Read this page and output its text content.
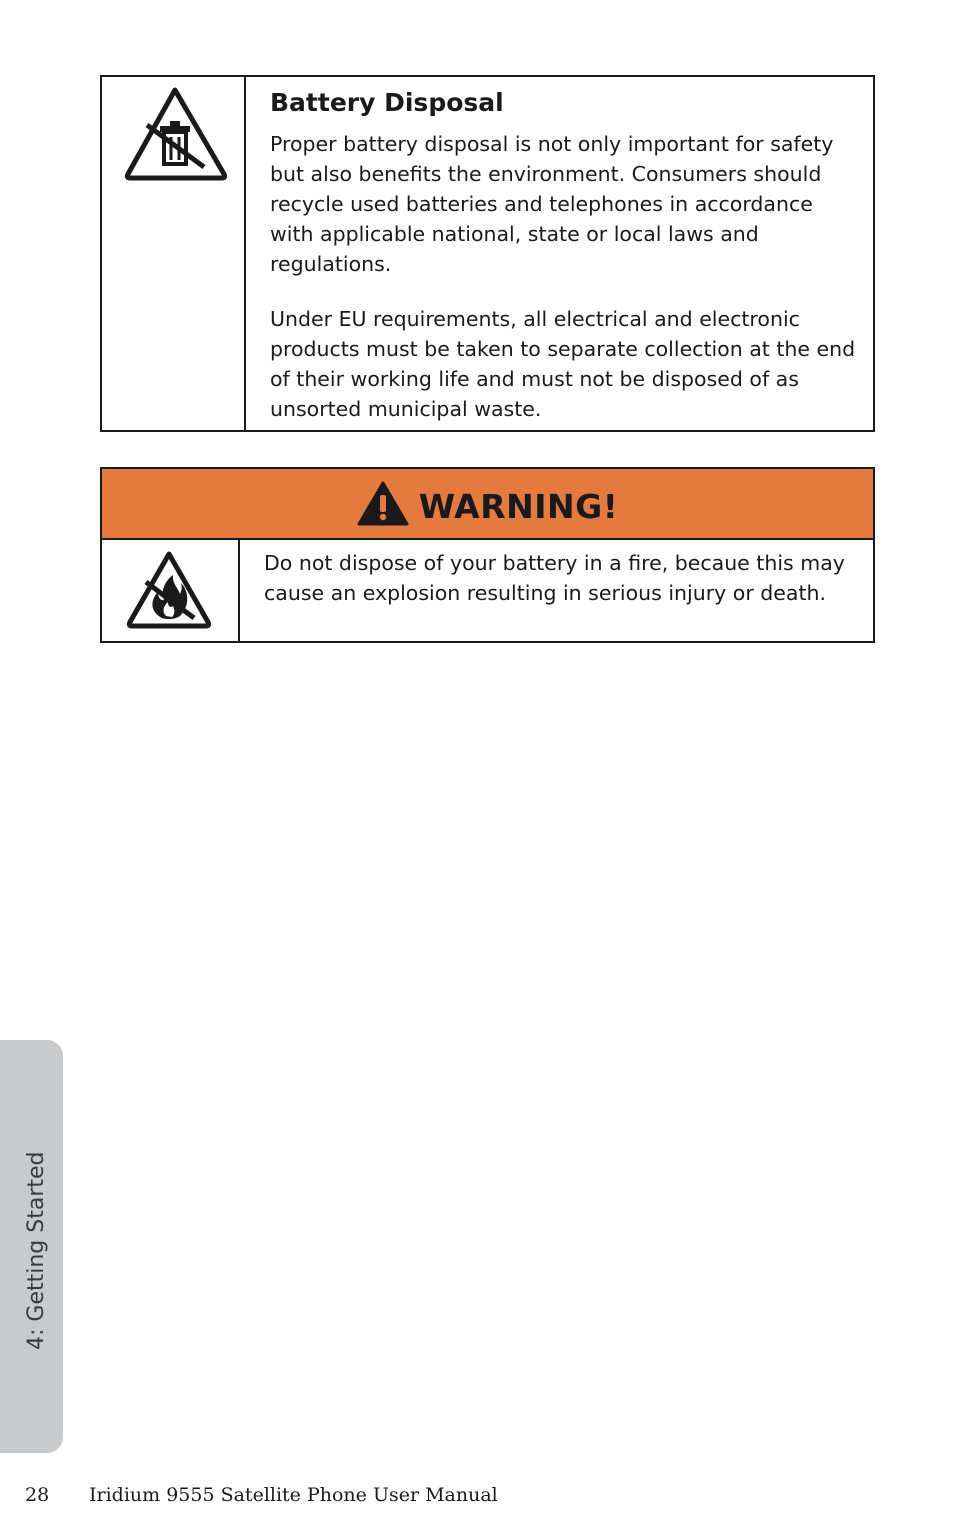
Battery Disposal

Proper battery disposal is not only important for safety but also benefits the environment. Consumers should recycle used batteries and telephones in accordance with applicable national, state or local laws and regulations.

Under EU requirements, all electrical and electronic products must be taken to separate collection at the end of their working life and must not be disposed of as unsorted municipal waste.

WARNING!

Do not dispose of your battery in a fire, becaue this may cause an explosion resulting in serious injury or death.

4: Getting Started
28 Iridium 9555 Satellite Phone User Manual
